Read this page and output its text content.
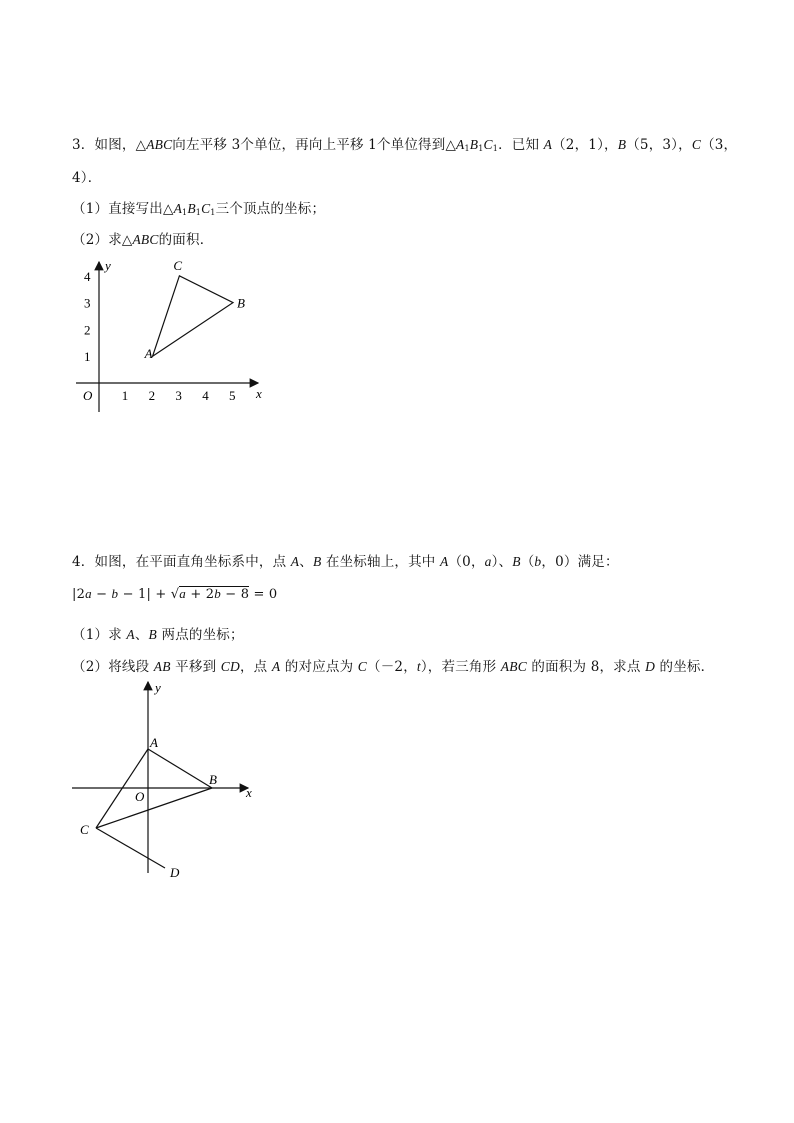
3．如图，△ABC向左平移 3个单位，再向上平移 1个单位得到$\triangle A_1B_1C_1$．已知 A（2，1），B（5，3），C（3，
4）．
（1）直接写出$\triangle A_1B_1C_1$三个顶点的坐标；
（2）求△ABC的面积．
1 2 3 4 5
1
2
3
4
O	x
y
A
B
C
4．如图，在平面直角坐标系中，点 A、B 在坐标轴上，其中 A（0，a）、B（b，0）满足：
|2a − b − 1| + √a + 2b − 8 = 0
（1）求 A、B 两点的坐标；
（2）将线段 AB 平移到 CD，点 A 的对应点为 C（－2，t），若三角形 ABC 的面积为 8，求点 D 的坐标．
y
x
O
A
B
C
D
